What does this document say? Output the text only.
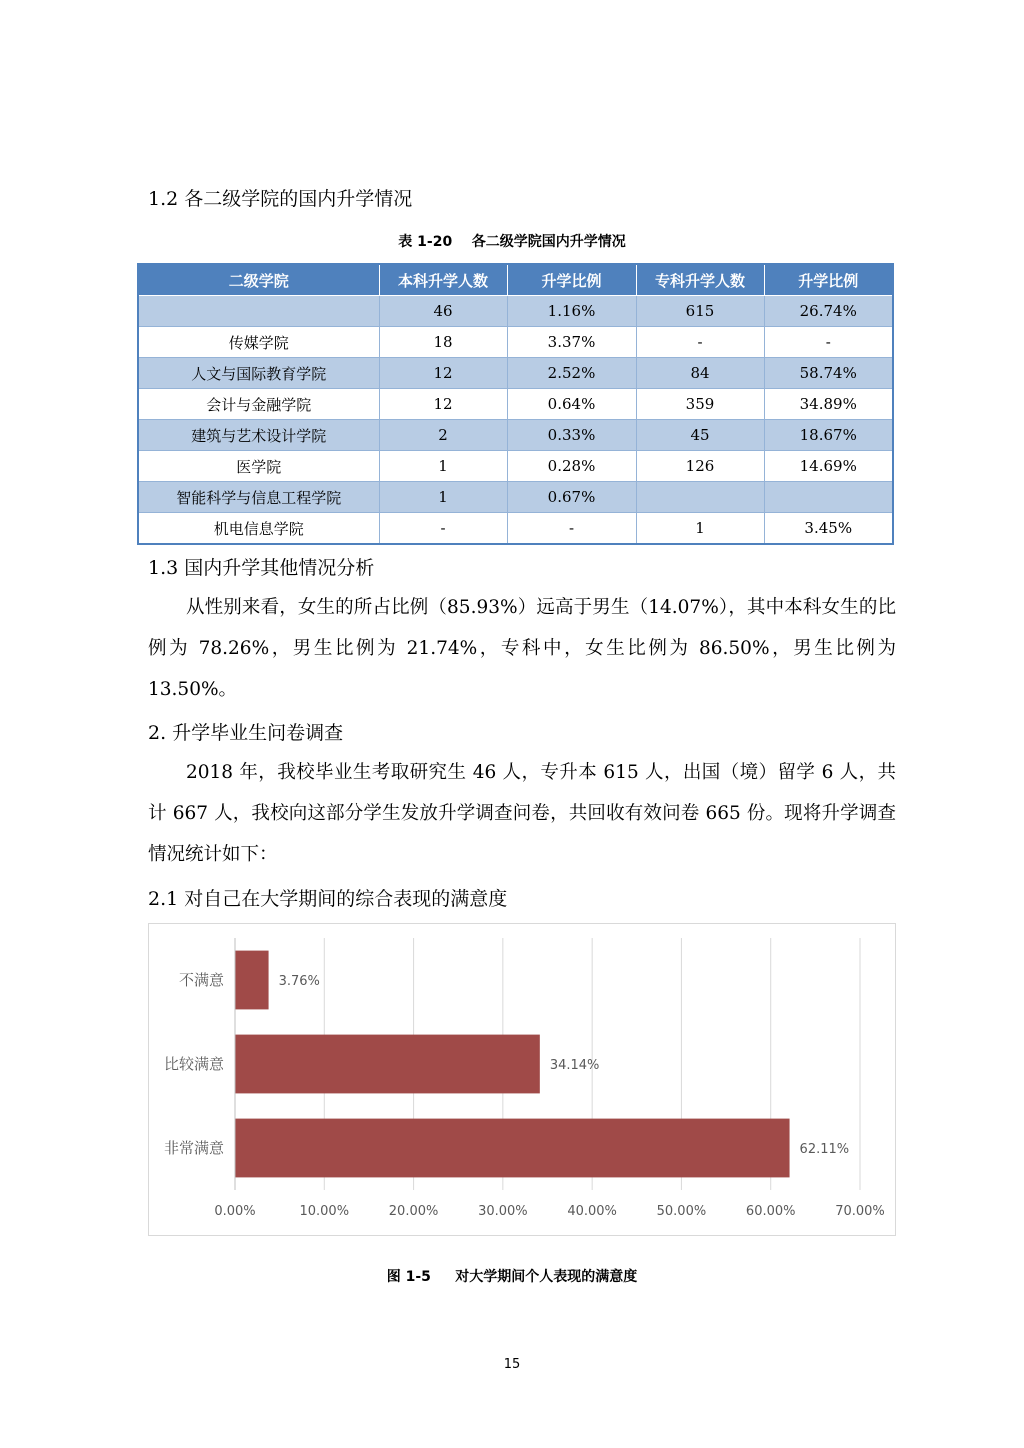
1.2 各二级学院的国内升学情况
表 1-20    各二级学院国内升学情况
二级学院	本科升学人数	升学比例	专科升学人数	升学比例
	46	1.16%	615	26.74%
传媒学院	18	3.37%	-	-
人文与国际教育学院	12	2.52%	84	58.74%
会计与金融学院	12	0.64%	359	34.89%
建筑与艺术设计学院	2	0.33%	45	18.67%
医学院	1	0.28%	126	14.69%
智能科学与信息工程学院	1	0.67%		
机电信息学院	-	-	1	3.45%
1.3 国内升学其他情况分析

从性别来看，女生的所占比例（85.93%）远高于男生（14.07%），其中本科女生的比例为 78.26%，男生比例为 21.74%，专科中，女生比例为 86.50%，男生比例为 13.50%。

2. 升学毕业生问卷调查

2018 年，我校毕业生考取研究生 46 人，专升本 615 人，出国（境）留学 6 人，共计 667 人，我校向这部分学生发放升学调查问卷，共回收有效问卷 665 份。现将升学调查情况统计如下：

2.1 对自己在大学期间的综合表现的满意度
0.00%	10.00%	20.00%	30.00%	40.00%	50.00%	60.00%	70.00%
不满意	3.76%
比较满意	34.14%
非常满意	62.11%
图 1-5     对大学期间个人表现的满意度
15
